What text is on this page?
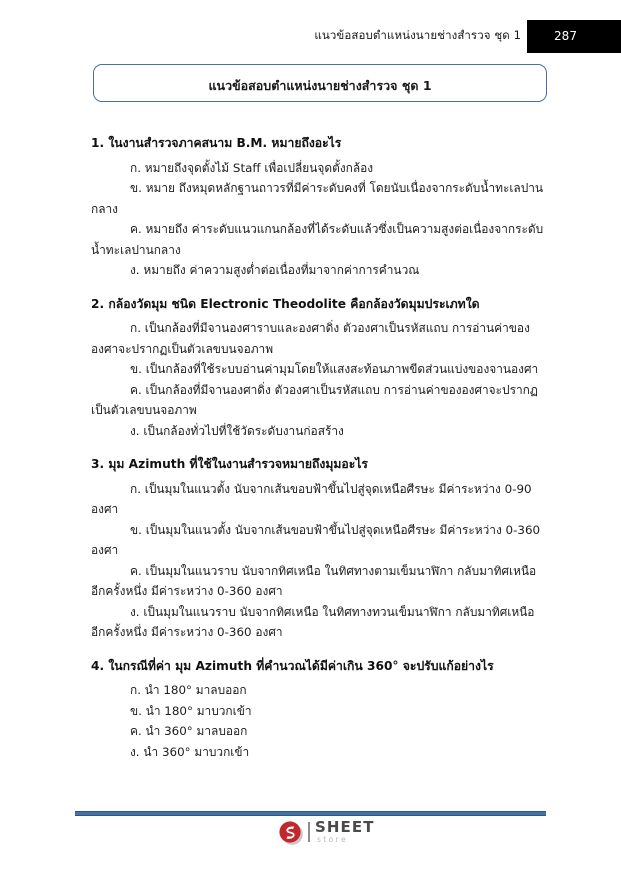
แนวข้อสอบตำแหน่งนายช่างสำรวจ ชุด 1	287
แนวข้อสอบตำแหน่งนายช่างสำรวจ ชุด 1

1. ในงานสำรวจภาคสนาม B.M. หมายถึงอะไร

ก. หมายถึงจุดตั้งไม้ Staff เพื่อเปลี่ยนจุดตั้งกล้อง

ข. หมาย ถึงหมุดหลักฐานถาวรที่มีค่าระดับคงที่ โดยนับเนื่องจากระดับน้ำทะเลปานกลาง

ค. หมายถึง ค่าระดับแนวแกนกล้องที่ได้ระดับแล้วซึ่งเป็นความสูงต่อเนื่องจากระดับน้ำทะเลปานกลาง

ง. หมายถึง ค่าความสูงต่ำต่อเนื่องที่มาจากค่าการคำนวณ

2. กล้องวัดมุม ชนิด Electronic Theodolite คือกล้องวัดมุมประเภทใด

ก. เป็นกล้องที่มีจานองศาราบและองศาดิ่ง ตัวองศาเป็นรหัสแถบ การอ่านค่าขององศาจะปรากฏเป็นตัวเลขบนจอภาพ

ข. เป็นกล้องที่ใช้ระบบอ่านค่ามุมโดยให้แสงสะท้อนภาพขีดส่วนแบ่งของจานองศา

ค. เป็นกล้องที่มีจานองศาดิ่ง ตัวองศาเป็นรหัสแถบ การอ่านค่าขององศาจะปรากฏเป็นตัวเลขบนจอภาพ

ง. เป็นกล้องทั่วไปที่ใช้วัดระดับงานก่อสร้าง

3. มุม Azimuth ที่ใช้ในงานสำรวจหมายถึงมุมอะไร

ก. เป็นมุมในแนวตั้ง นับจากเส้นขอบฟ้าขึ้นไปสู่จุดเหนือศีรษะ มีค่าระหว่าง 0-90 องศา

ข. เป็นมุมในแนวตั้ง นับจากเส้นขอบฟ้าขึ้นไปสู่จุดเหนือศีรษะ มีค่าระหว่าง 0-360 องศา

ค. เป็นมุมในแนวราบ นับจากทิศเหนือ ในทิศทางตามเข็มนาฬิกา กลับมาทิศเหนืออีกครั้งหนึ่ง มีค่าระหว่าง 0-360 องศา

ง. เป็นมุมในแนวราบ นับจากทิศเหนือ ในทิศทางทวนเข็มนาฬิกา กลับมาทิศเหนืออีกครั้งหนึ่ง มีค่าระหว่าง 0-360 องศา

4. ในกรณีที่ค่า มุม Azimuth ที่คำนวณได้มีค่าเกิน 360° จะปรับแก้อย่างไร

ก. นำ 180° มาลบออก

ข. นำ 180° มาบวกเข้า

ค. นำ 360° มาลบออก

ง. นำ 360° มาบวกเข้า

SHEET
store
